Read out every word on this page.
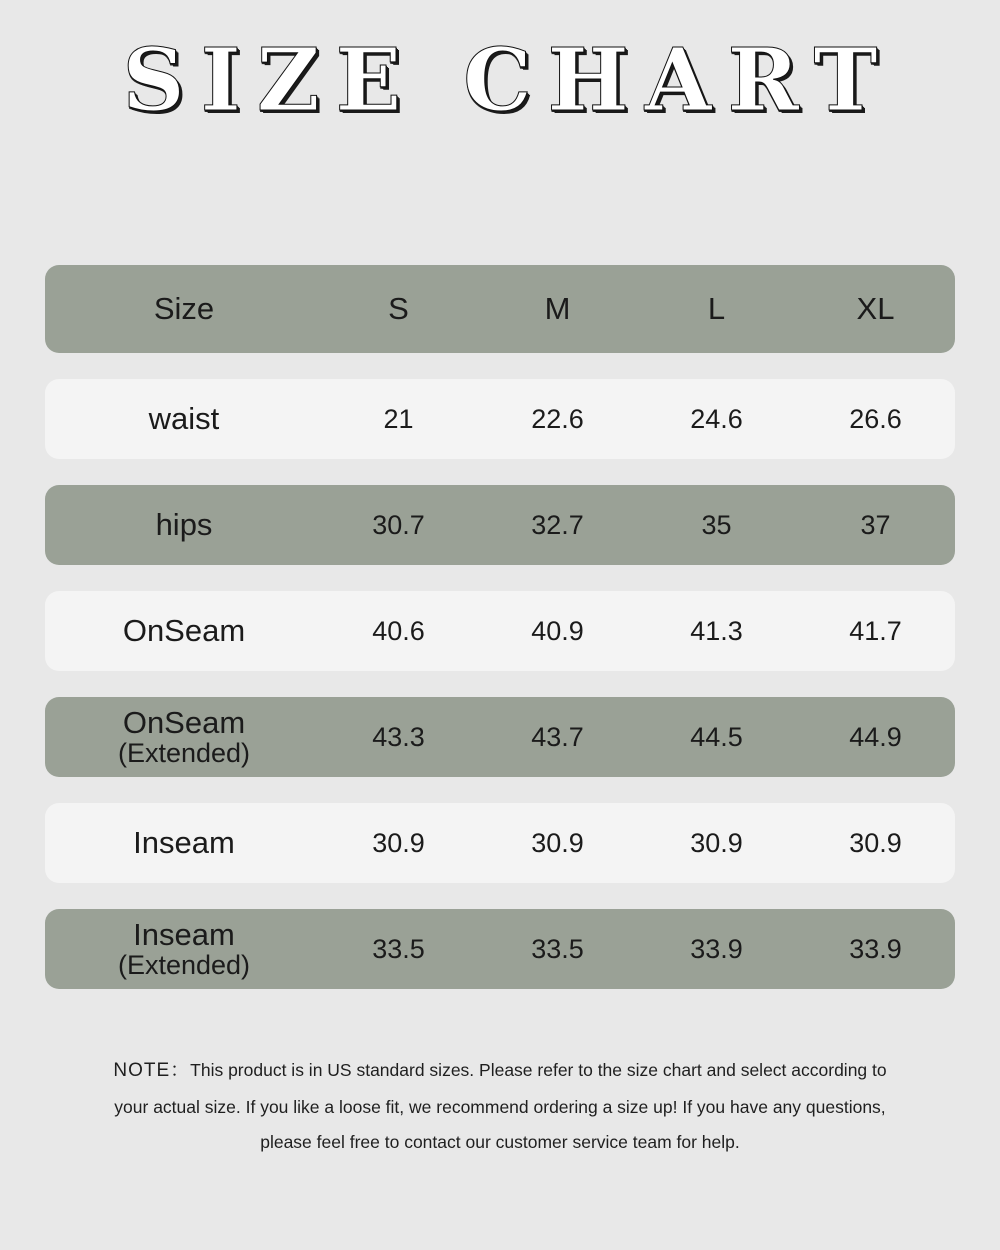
SIZE CHART
Size	S	M	L	XL
waist	21	22.6	24.6	26.6
hips	30.7	32.7	35	37
OnSeam	40.6	40.9	41.3	41.7
OnSeam
(Extended)
43.3	43.7	44.5	44.9
Inseam	30.9	30.9	30.9	30.9
Inseam
(Extended)
33.5	33.5	33.9	33.9
NOTE：This product is in US standard sizes. Please refer to the size chart and select according to your actual size. If you like a loose fit, we recommend ordering a size up! If you have any questions, please feel free to contact our customer service team for help.
